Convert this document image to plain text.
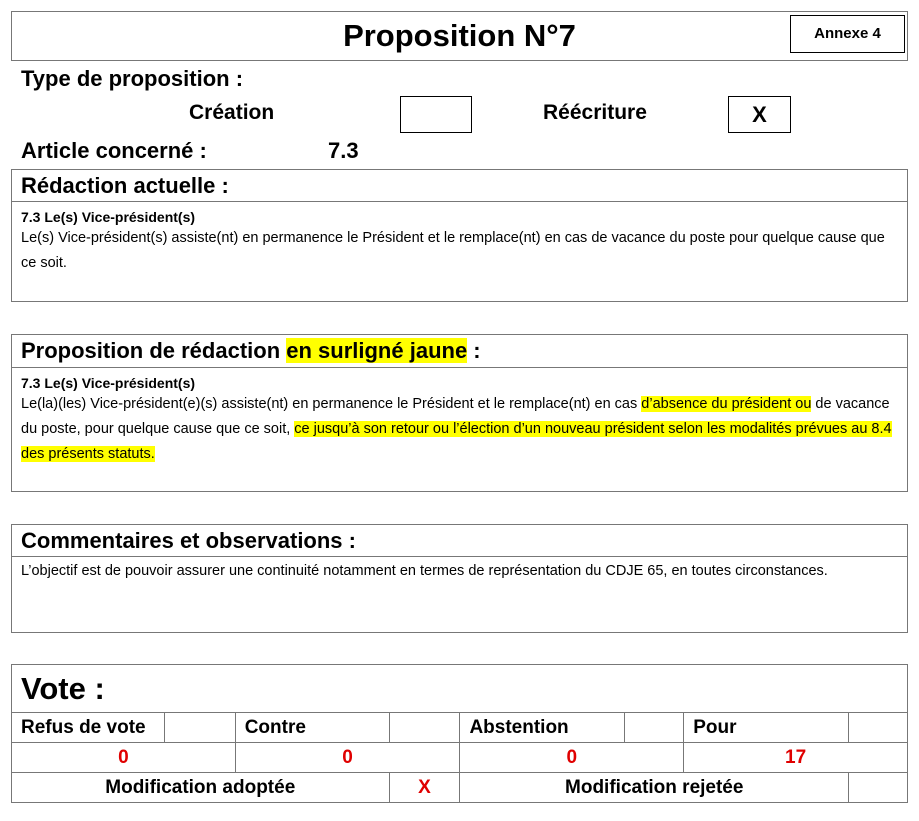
Proposition N°7	Annexe 4
Type de proposition :
Création	Réécriture	X
Article concerné :	7.3
Rédaction actuelle :
7.3 Le(s) Vice-président(s)
Le(s) Vice-président(s) assiste(nt) en permanence le Président et le remplace(nt) en cas de vacance du poste pour quelque cause que ce soit.
Proposition de rédaction en surligné jaune :
7.3 Le(s) Vice-président(s)
Le(la)(les) Vice-président(e)(s) assiste(nt) en permanence le Président et le remplace(nt) en cas d’absence du président ou de vacance du poste, pour quelque cause que ce soit, ce jusqu’à son retour ou l’élection d’un nouveau président selon les modalités prévues au 8.4 des présents statuts.
Commentaires et observations :
L’objectif est de pouvoir assurer une continuité notamment en termes de représentation du CDJE 65, en toutes circonstances.
Vote :
Refus de vote		Contre		Abstention		Pour	
0		0		0		17	
Modification adoptée			X	Modification rejetée			
